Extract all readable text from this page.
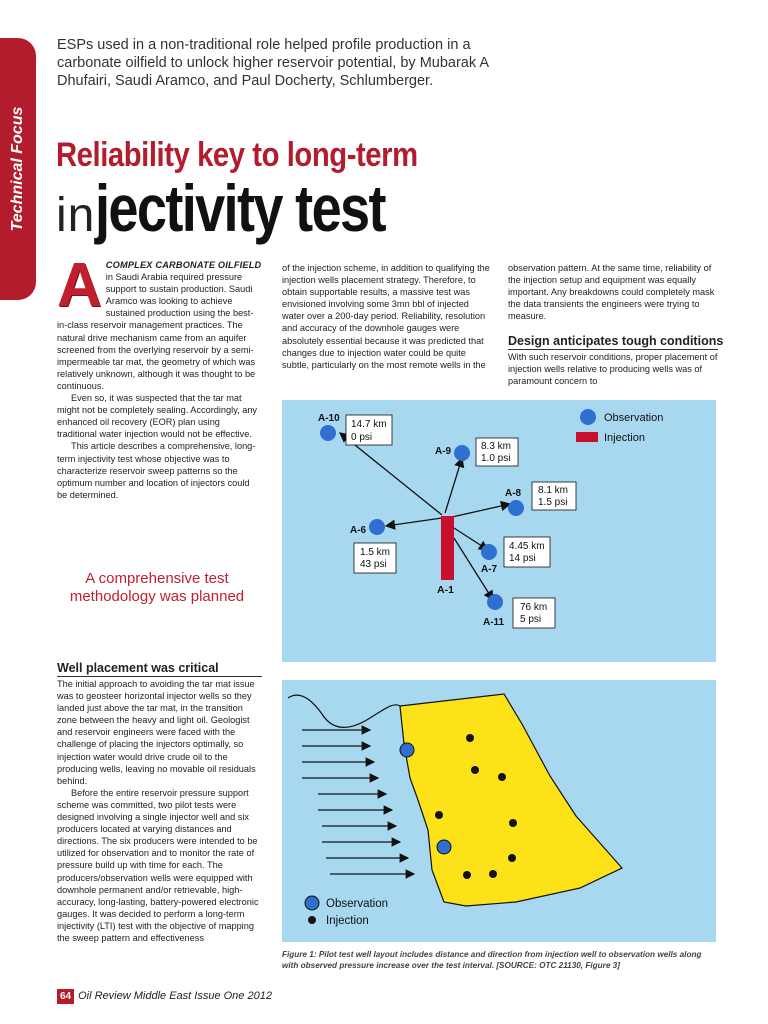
Technical Focus
ESPs used in a non-traditional role helped profile production in a carbonate oilfield to unlock higher reservoir potential, by Mubarak A Dhufairi, Saudi Aramco, and Paul Docherty, Schlumberger.
Reliability key to long-term
injectivity test

ACOMPLEX CARBONATE OILFIELD in Saudi Arabia required pressure support to sustain production. Saudi Aramco was looking to achieve sustained production using the best-in-class reservoir management practices. The natural drive mechanism came from an aquifer screened from the overlying reservoir by a semi-impermeable tar mat, the geometry of which was relatively unknown, although it was thought to be continuous.

Even so, it was suspected that the tar mat might not be completely sealing. Accordingly, any enhanced oil recovery (EOR) plan using traditional water injection would not be effective.

This article describes a comprehensive, long-term injectivity test whose objective was to characterize reservoir sweep patterns so the optimum number and location of injectors could be determined.

A comprehensive test methodology was planned
Well placement was critical

The initial approach to avoiding the tar mat issue was to geosteer horizontal injector wells so they landed just above the tar mat, in the transition zone between the heavy and light oil. Geologist and reservoir engineers were faced with the challenge of placing the injectors optimally, so injection water would drive crude oil to the producing wells, leaving no movable oil residuals behind.

Before the entire reservoir pressure support scheme was committed, two pilot tests were designed involving a single injector well and six producers located at varying distances and directions. The six producers were intended to be utilized for observation and to monitor the rate of pressure build up with time for each. The producers/observation wells were equipped with downhole permanent and/or retrievable, high-accuracy, long-lasting, battery-powered electronic gauges. It was decided to perform a long-term injectivity (LTI) test with the objective of mapping the sweep pattern and effectiveness

of the injection scheme, in addition to qualifying the injection wells placement strategy. Therefore, to obtain supportable results, a massive test was envisioned involving some 3mn bbl of injected water over a 200-day period. Reliability, resolution and accuracy of the downhole gauges were absolutely essential because it was predicted that changes due to injection water could be quite subtle, particularly on the most remote wells in the

observation pattern. At the same time, reliability of the injection setup and equipment was equally important. Any breakdowns could completely mask the data transients the engineers were trying to measure.

Design anticipates tough conditions

With such reservoir conditions, proper placement of injection wells relative to producing wells was of paramount concern to

A-1
A-10
A-9
A-8
A-6
A-7
A-11
14.7 km
0 psi
8.3 km
1.0 psi
8.1 km
1.5 psi
1.5 km
43 psi
4.45 km
14 psi
76 km
5 psi
Observation
Injection
Observation
Injection
Figure 1: Pilot test well layout includes distance and direction from injection well to observation wells along with observed pressure increase over the test interval. [SOURCE: OTC 21130, Figure 3]
64 Oil Review Middle East Issue One 2012
